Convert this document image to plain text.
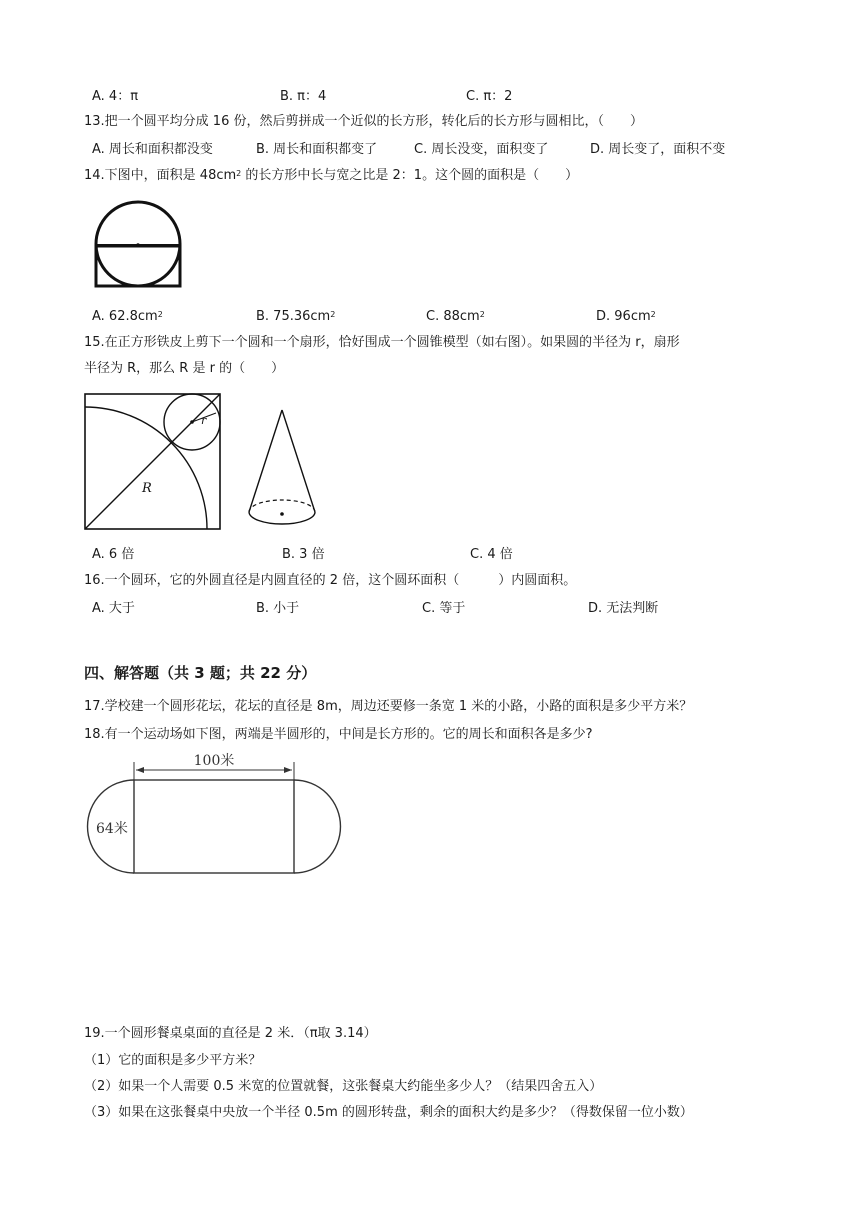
A. 4：π	B. π：4	C. π：2
13.把一个圆平均分成 16 份，然后剪拼成一个近似的长方形，转化后的长方形与圆相比，（　　）
A. 周长和面积都没变	B. 周长和面积都变了	C. 周长没变，面积变了	D. 周长变了，面积不变
14.下图中，面积是 $48cm^2$ 的长方形中长与宽之比是 2：1。这个圆的面积是（　　）
A. $62.8cm^2$	B. $75.36cm^2$	C. $88cm^2$	D. $96cm^2$
15.在正方形铁皮上剪下一个圆和一个扇形，恰好围成一个圆锥模型（如右图）。如果圆的半径为 r，扇形
半径为 R，那么 R 是 r 的（　　）
r
R
A. 6 倍	B. 3 倍	C. 4 倍
16.一个圆环，它的外圆直径是内圆直径的 2 倍，这个圆环面积（　　　）内圆面积。
A. 大于	B. 小于	C. 等于	D. 无法判断
四、解答题（共 3 题；共 22 分）
17.学校建一个圆形花坛，花坛的直径是 8m，周边还要修一条宽 1 米的小路，小路的面积是多少平方米？
18.有一个运动场如下图，两端是半圆形的，中间是长方形的。它的周长和面积各是多少?
100米
64米
19.一个圆形餐桌桌面的直径是 2 米．（π取 3.14）
（1）它的面积是多少平方米？
（2）如果一个人需要 0.5 米宽的位置就餐，这张餐桌大约能坐多少人？（结果四舍五入）
（3）如果在这张餐桌中央放一个半径 0.5m 的圆形转盘，剩余的面积大约是多少？（得数保留一位小数）
